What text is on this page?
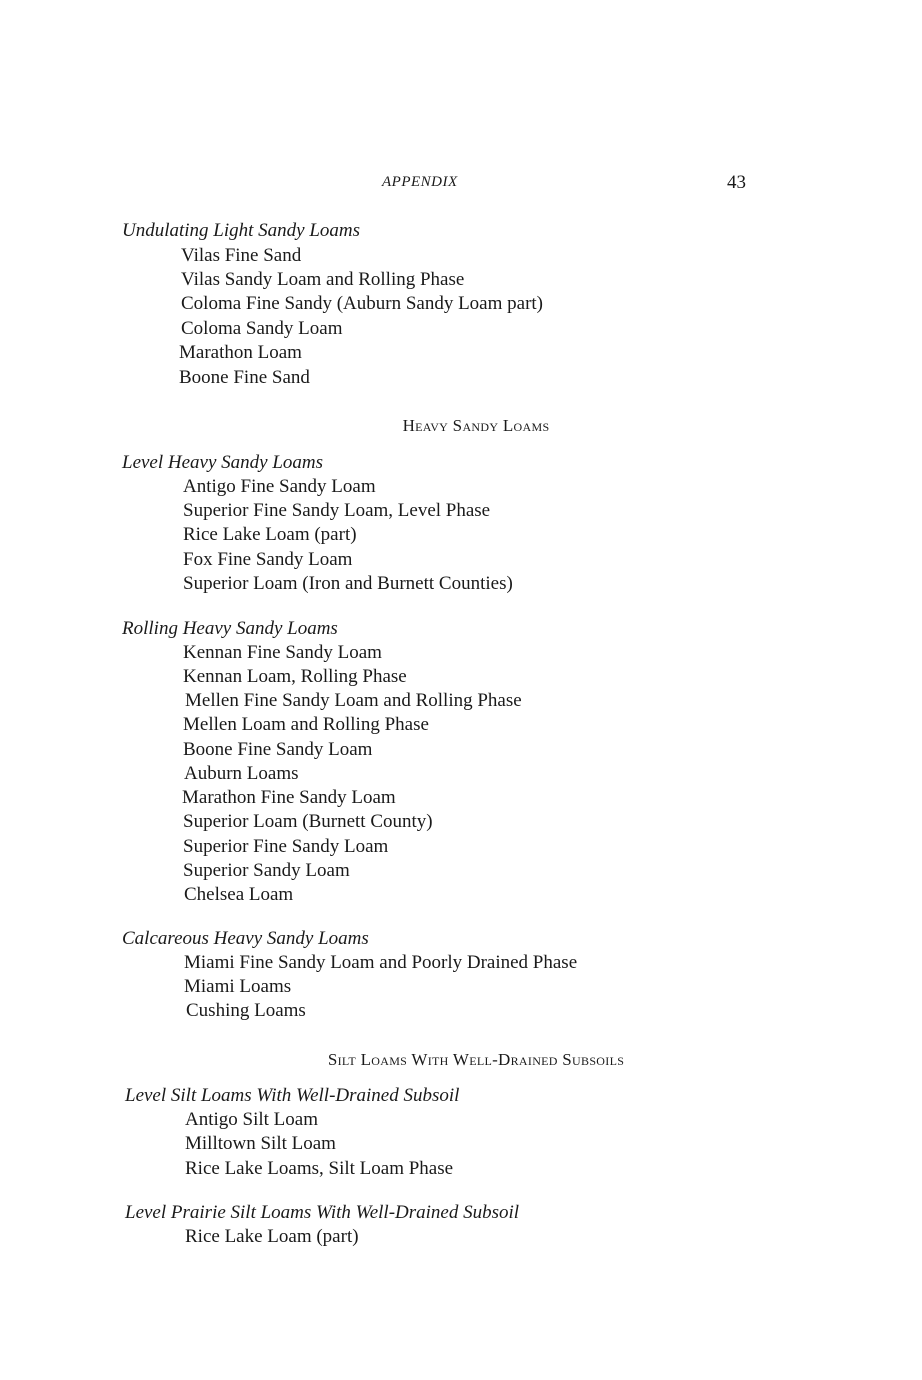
APPENDIX	43
Undulating Light Sandy Loams
Vilas Fine Sand
Vilas Sandy Loam and Rolling Phase
Coloma Fine Sandy (Auburn Sandy Loam part)
Coloma Sandy Loam
Marathon Loam
Boone Fine Sand
Heavy Sandy Loams
Level Heavy Sandy Loams
Antigo Fine Sandy Loam
Superior Fine Sandy Loam, Level Phase
Rice Lake Loam (part)
Fox Fine Sandy Loam
Superior Loam (Iron and Burnett Counties)
Rolling Heavy Sandy Loams
Kennan Fine Sandy Loam
Kennan Loam, Rolling Phase
Mellen Fine Sandy Loam and Rolling Phase
Mellen Loam and Rolling Phase
Boone Fine Sandy Loam
Auburn Loams
Marathon Fine Sandy Loam
Superior Loam (Burnett County)
Superior Fine Sandy Loam
Superior Sandy Loam
Chelsea Loam
Calcareous Heavy Sandy Loams
Miami Fine Sandy Loam and Poorly Drained Phase
Miami Loams
Cushing Loams
Silt Loams With Well-Drained Subsoils
Level Silt Loams With Well-Drained Subsoil
Antigo Silt Loam
Milltown Silt Loam
Rice Lake Loams, Silt Loam Phase
Level Prairie Silt Loams With Well-Drained Subsoil
Rice Lake Loam (part)
